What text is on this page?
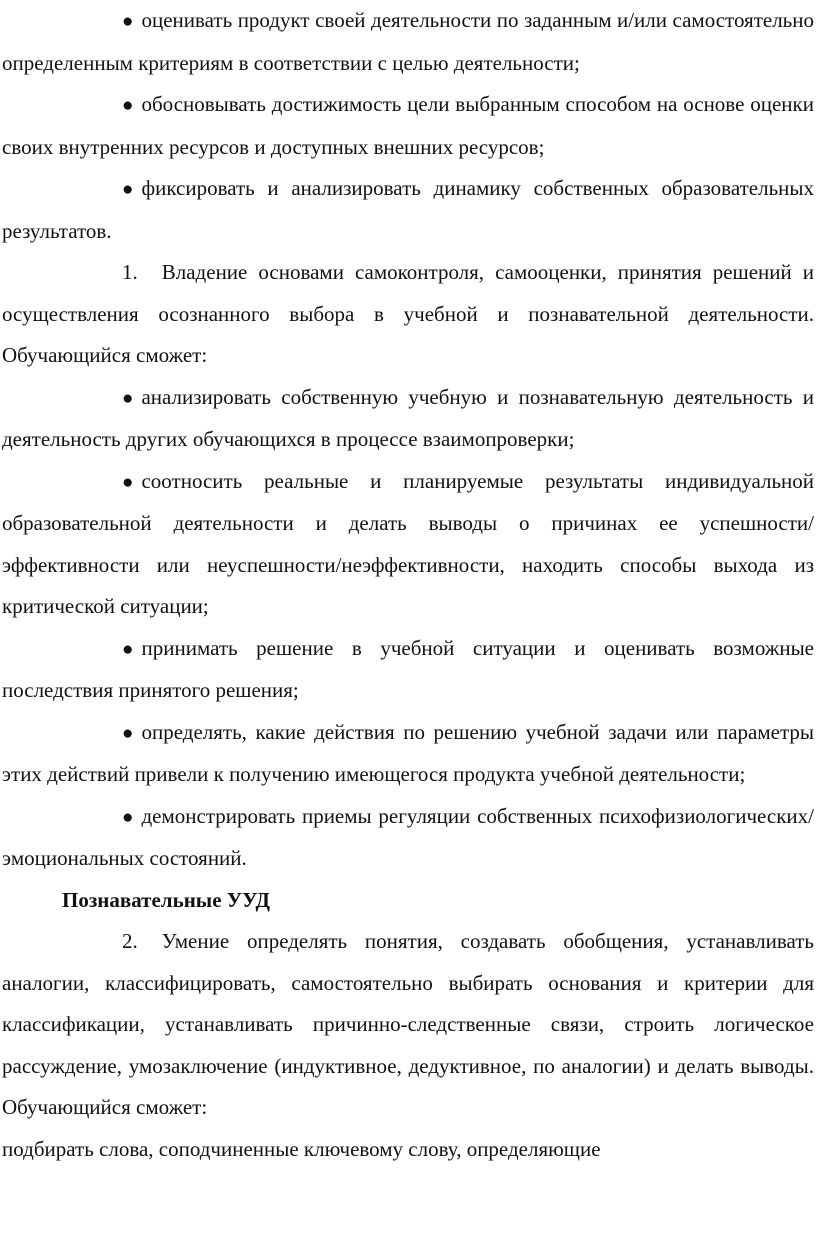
● оценивать продукт своей деятельности по заданным и/или самостоятельно определенным критериям в соответствии с целью деятельности;

● обосновывать достижимость цели выбранным способом на основе оценки своих внутренних ресурсов и доступных внешних ресурсов;

● фиксировать и анализировать динамику собственных образовательных результатов.

1. Владение основами самоконтроля, самооценки, принятия решений и осуществления осознанного выбора в учебной и познавательной деятельности. Обучающийся сможет:

● анализировать собственную учебную и познавательную деятельность и деятельность других обучающихся в процессе взаимопроверки;

● соотносить реальные и планируемые результаты индивидуальной образовательной деятельности и делать выводы о причинах ее успешности/эффективности или неуспешности/неэффективности, находить способы выхода из критической ситуации;

● принимать решение в учебной ситуации и оценивать возможные последствия принятого решения;

● определять, какие действия по решению учебной задачи или параметры этих действий привели к получению имеющегося продукта учебной деятельности;

● демонстрировать приемы регуляции собственных психофизиологических/эмоциональных состояний.

Познавательные УУД

2. Умение определять понятия, создавать обобщения, устанавливать аналогии, классифицировать, самостоятельно выбирать основания и критерии для классификации, устанавливать причинно-следственные связи, строить логическое рассуждение, умозаключение (индуктивное, дедуктивное, по аналогии) и делать выводы. Обучающийся сможет:

подбирать слова, соподчиненные ключевому слову, определяющие
